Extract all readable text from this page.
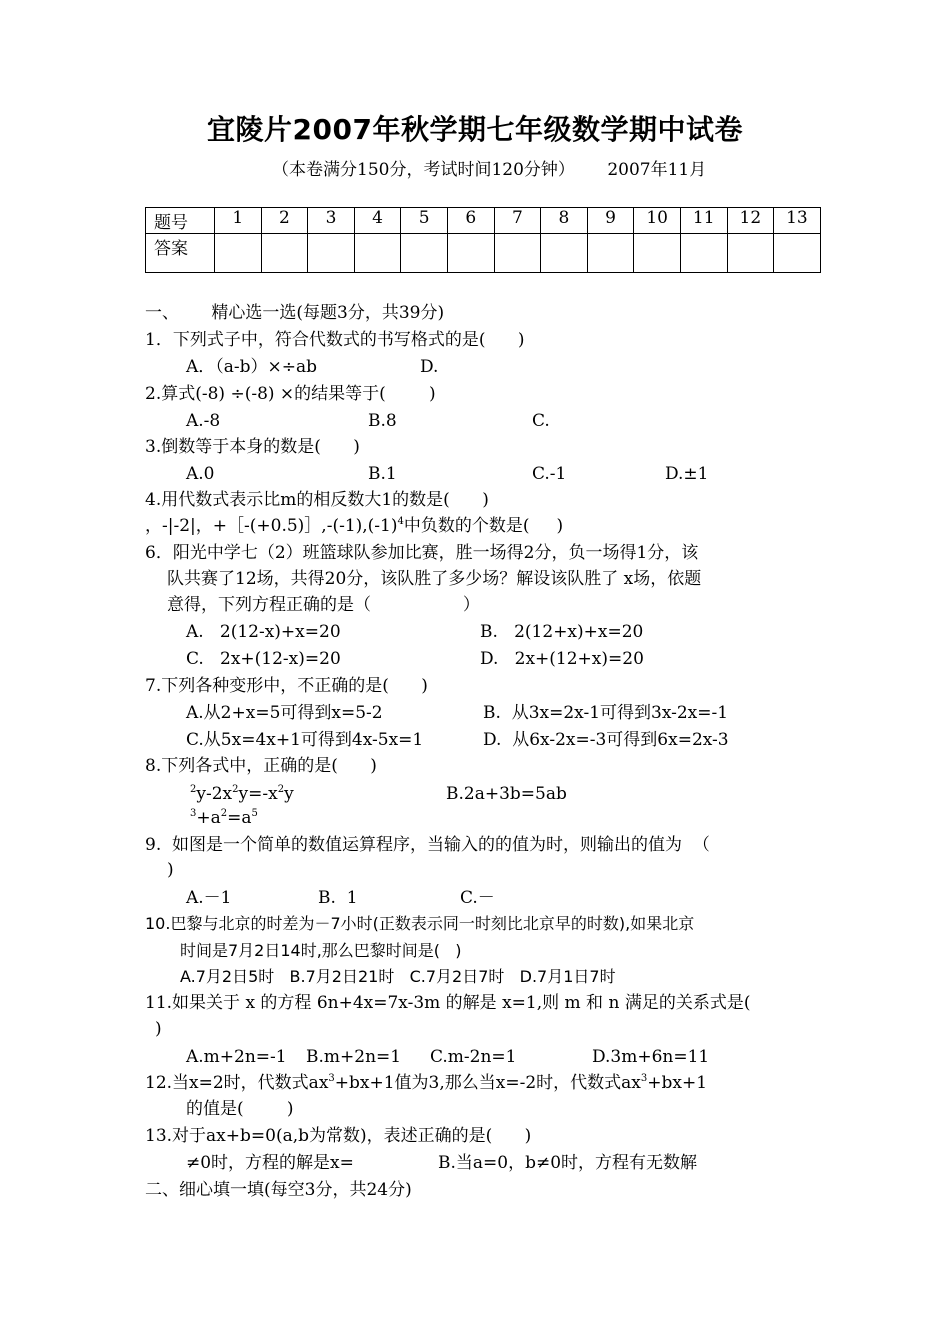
宜陵片2007年秋学期七年级数学期中试卷
（本卷满分150分，考试时间120分钟）      2007年11月
题号	1	2	3	4	5	6	7	8	9	10	11	12	13
答案													
一、      精心选一选(每题3分，共39分)
1．下列式子中，符合代数式的书写格式的是(      )
A．（a-b）×÷ab	D.
2.算式(-8) ÷(-8) ×的结果等于(        )
A.-8	B.8	C.
3.倒数等于本身的数是(      )
A.0	B.1	C.-1	D.±1
4.用代数式表示比m的相反数大1的数是(      )
，-|-2|，$+[-(+0.5)],-(-1),(-1)^4$中负数的个数是(     )
6．阳光中学七（2）班篮球队参加比赛，胜一场得2分，负一场得1分，该
队共赛了12场，共得20分，该队胜了多少场？解设该队胜了 x场，依题
意得，下列方程正确的是（                 ）
A.   2(12-x)+x=20	B.   2(12+x)+x=20
C.   2x+(12-x)=20	D.   2x+(12+x)=20
7.下列各种变形中，不正确的是(      )
A.从2+x=5可得到x=5-2	B.  从3x=2x-1可得到3x-2x=-1
C.从5x=4x+1可得到4x-5x=1	D.  从6x-2x=-3可得到6x=2x-3
8.下列各式中，正确的是(      )
$^2y-2x^2y=-x^2y$	B.2a+3b=5ab
$^3+a^2=a^5$
9.  如图是一个简单的数值运算程序，当输入的的值为时，则输出的值为  （
)
A.－1	B.  1	C.－
10.巴黎与北京的时差为－7小时(正数表示同一时刻比北京早的时数),如果北京
时间是7月2日14时,那么巴黎时间是(   )
A.7月2日5时   B.7月2日21时   C.7月2日7时   D.7月1日7时
11.如果关于 x 的方程 6n+4x=7x-3m 的解是 x=1,则 m 和 n 满足的关系式是(
)
A.m+2n=-1 B.m+2n=1 C.m-2n=1	D.3m+6n=11
12.当x=2时，代数式$ax^3+bx+1$值为3,那么当x=-2时，代数式$ax^3+bx+1$
的值是(        )
13.对于ax+b=0(a,b为常数)，表述正确的是(      )
≠0时，方程的解是x=	B.当a=0，b≠0时，方程有无数解
二、细心填一填(每空3分，共24分)
